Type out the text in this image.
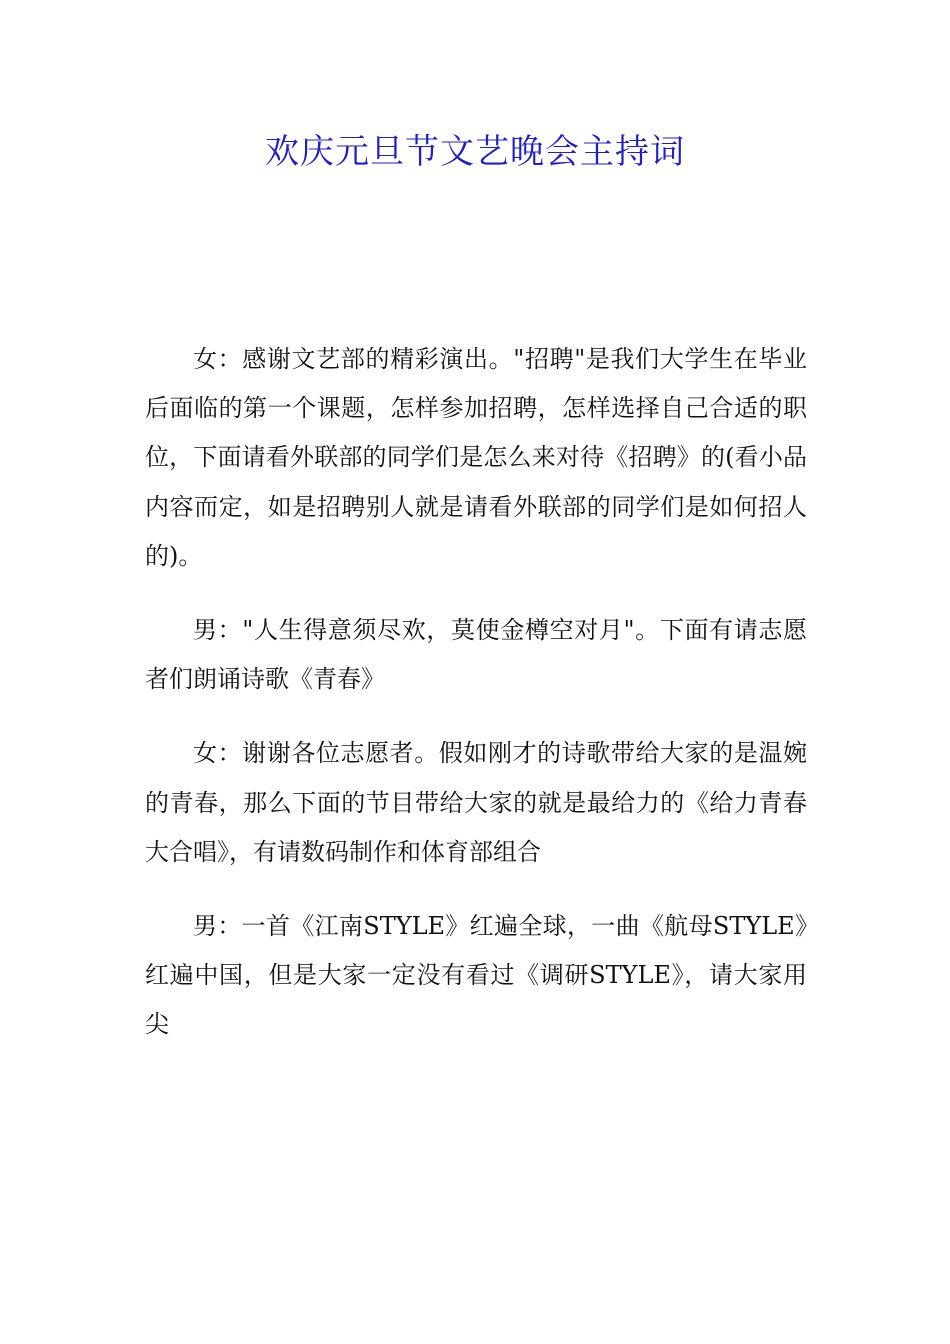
欢庆元旦节文艺晚会主持词

女：感谢文艺部的精彩演出。"招聘"是我们大学生在毕业后面临的第一个课题，怎样参加招聘，怎样选择自己合适的职位，下面请看外联部的同学们是怎么来对待《招聘》的(看小品内容而定，如是招聘别人就是请看外联部的同学们是如何招人的)。

男："人生得意须尽欢，莫使金樽空对月"。下面有请志愿者们朗诵诗歌《青春》

女：谢谢各位志愿者。假如刚才的诗歌带给大家的是温婉的青春，那么下面的节目带给大家的就是最给力的《给力青春大合唱》，有请数码制作和体育部组合

男：一首《江南STYLE》红遍全球，一曲《航母STYLE》红遍中国，但是大家一定没有看过《调研STYLE》，请大家用尖
